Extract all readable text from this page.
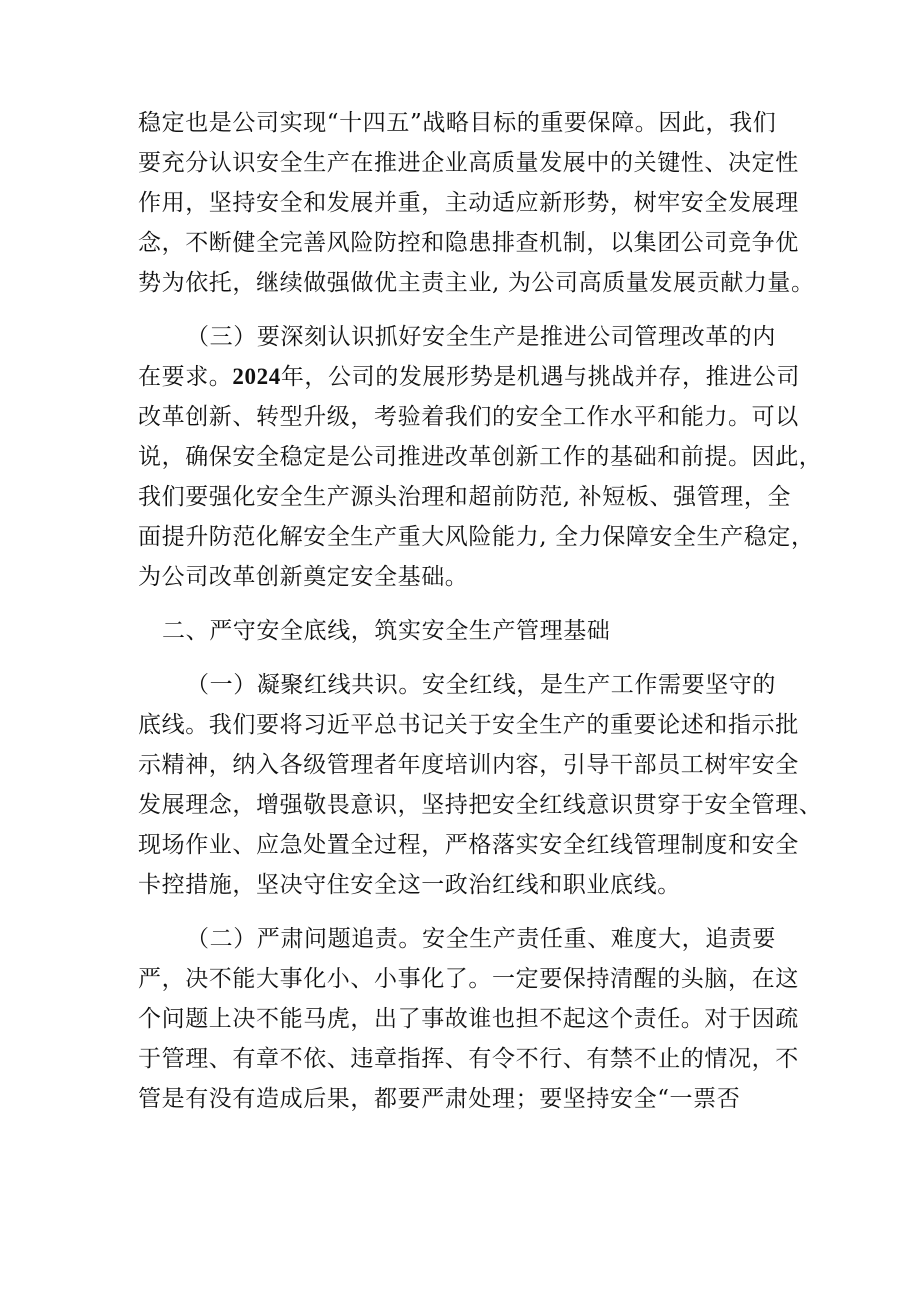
稳定也是公司实现“十四五”战略目标的重要保障。因此，我们
要充分认识安全生产在推进企业高质量发展中的关键性、决定性
作用，坚持安全和发展并重，主动适应新形势，树牢安全发展理
念，不断健全完善风险防控和隐患排查机制，以集团公司竞争优
势为依托，继续做强做优主责主业, 为公司高质量发展贡献力量。
（三）要深刻认识抓好安全生产是推进公司管理改革的内
在要求。2024年，公司的发展形势是机遇与挑战并存，推进公司
改革创新、转型升级，考验着我们的安全工作水平和能力。可以
说，确保安全稳定是公司推进改革创新工作的基础和前提。因此，
我们要强化安全生产源头治理和超前防范, 补短板、强管理，全
面提升防范化解安全生产重大风险能力, 全力保障安全生产稳定，
为公司改革创新奠定安全基础。
二、严守安全底线，筑实安全生产管理基础
（一）凝聚红线共识。安全红线，是生产工作需要坚守的
底线。我们要将习近平总书记关于安全生产的重要论述和指示批
示精神，纳入各级管理者年度培训内容，引导干部员工树牢安全
发展理念，增强敬畏意识，坚持把安全红线意识贯穿于安全管理、
现场作业、应急处置全过程，严格落实安全红线管理制度和安全
卡控措施，坚决守住安全这一政治红线和职业底线。
（二）严肃问题追责。安全生产责任重、难度大，追责要
严，决不能大事化小、小事化了。一定要保持清醒的头脑，在这
个问题上决不能马虎，出了事故谁也担不起这个责任。对于因疏
于管理、有章不依、违章指挥、有令不行、有禁不止的情况，不
管是有没有造成后果，都要严肃处理；要坚持安全“一票否
